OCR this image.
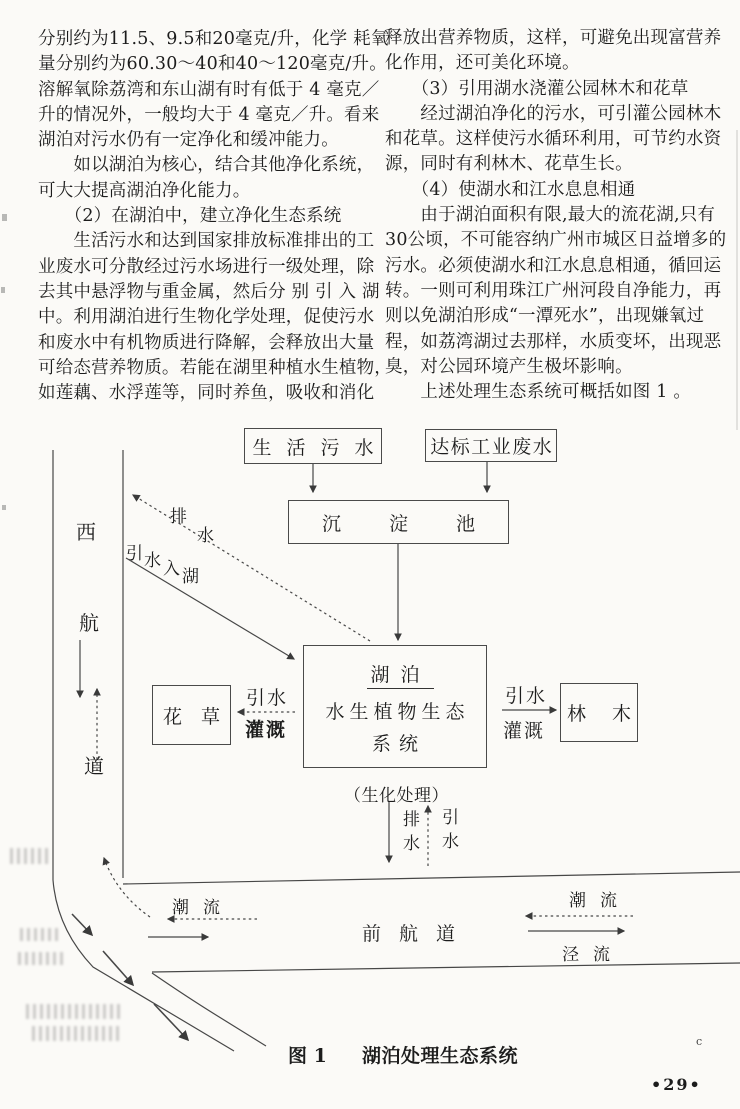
分别约为11.5、9.5和20毫克/升，化学 耗氧
量分别约为60.30～40和40～120毫克/升。
溶解氧除荔湾和东山湖有时有低于 4 毫克／
升的情况外，一般均大于 4 毫克／升。看来
湖泊对污水仍有一定净化和缓冲能力。
　　如以湖泊为核心，结合其他净化系统，
可大大提高湖泊净化能力。
　　（2）在湖泊中，建立净化生态系统
　　生活污水和达到国家排放标准排出的工
业废水可分散经过污水场进行一级处理，除
去其中悬浮物与重金属，然后分 别 引 入 湖
中。利用湖泊进行生物化学处理，促使污水
和废水中有机物质进行降解，会释放出大量
可给态营养物质。若能在湖里种植水生植物，
如莲藕、水浮莲等，同时养鱼，吸收和消化
释放出营养物质，这样，可避免出现富营养
化作用，还可美化环境。
　　（3）引用湖水浇灌公园林木和花草
　　经过湖泊净化的污水，可引灌公园林木
和花草。这样使污水循环利用，可节约水资
源，同时有利林木、花草生长。
　　（4）使湖水和江水息息相通
　　由于湖泊面积有限,最大的流花湖,只有
30公顷，不可能容纳广州市城区日益增多的
污水。必须使湖水和江水息息相通，循回运
转。一则可利用珠江广州河段自净能力，再
则以免湖泊形成“一潭死水”，出现嫌氧过
程，如荔湾湖过去那样，水质变坏，出现恶
臭，对公园环境产生极坏影响。
　　上述处理生态系统可概括如图 1 。
生活污水 达标工业废水
沉淀池
湖泊
水生植物生态
系统
花草	林木
西
航
道
排
水
引 水 入 湖
引水
灌溉
引水
灌溉
（生化处理）
排水 引水
潮流	潮流
泾流
前航道
图 1 湖泊处理生态系统
•29•
c
